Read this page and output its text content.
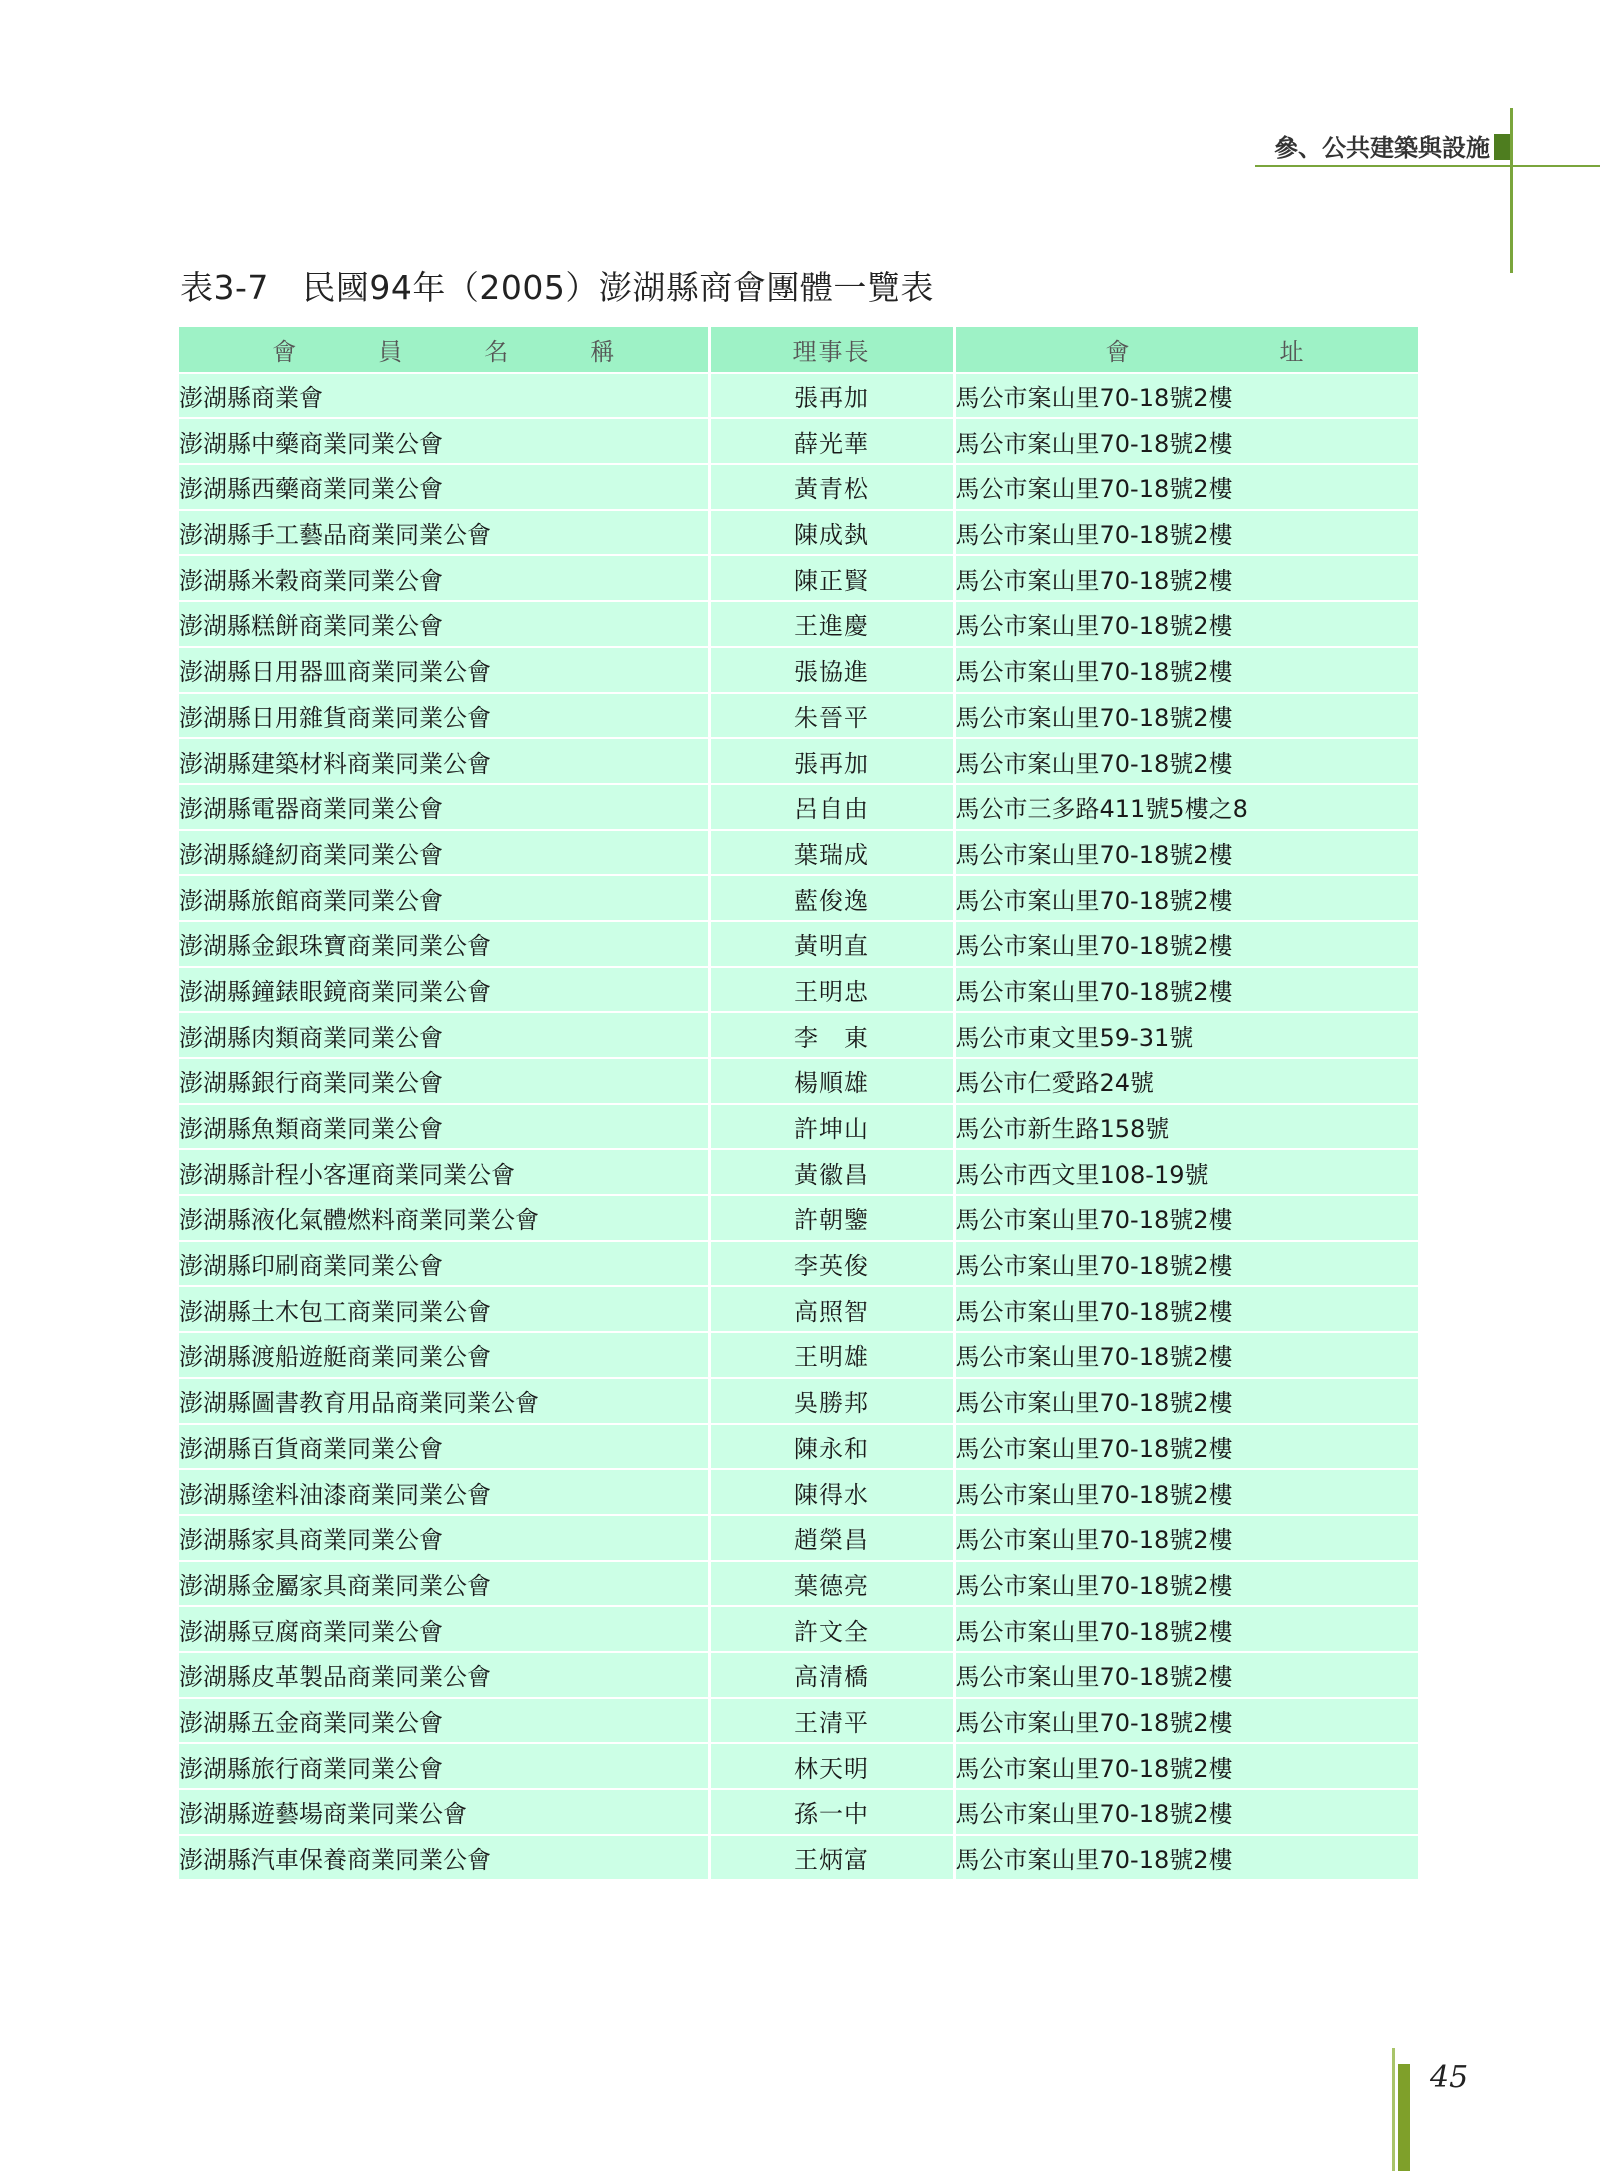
參、公共建築與設施
表3-7　民國94年（2005）澎湖縣商會團體一覽表
會員名稱	理事長	會址
澎湖縣商業會	張再加	馬公市案山里70-18號2樓
澎湖縣中藥商業同業公會	薛光華	馬公市案山里70-18號2樓
澎湖縣西藥商業同業公會	黃青松	馬公市案山里70-18號2樓
澎湖縣手工藝品商業同業公會	陳成埶	馬公市案山里70-18號2樓
澎湖縣米穀商業同業公會	陳正賢	馬公市案山里70-18號2樓
澎湖縣糕餅商業同業公會	王進慶	馬公市案山里70-18號2樓
澎湖縣日用器皿商業同業公會	張協進	馬公市案山里70-18號2樓
澎湖縣日用雜貨商業同業公會	朱晉平	馬公市案山里70-18號2樓
澎湖縣建築材料商業同業公會	張再加	馬公市案山里70-18號2樓
澎湖縣電器商業同業公會	呂自由	馬公市三多路411號5樓之8
澎湖縣縫紉商業同業公會	葉瑞成	馬公市案山里70-18號2樓
澎湖縣旅館商業同業公會	藍俊逸	馬公市案山里70-18號2樓
澎湖縣金銀珠寶商業同業公會	黃明直	馬公市案山里70-18號2樓
澎湖縣鐘錶眼鏡商業同業公會	王明忠	馬公市案山里70-18號2樓
澎湖縣肉類商業同業公會	李　東	馬公市東文里59-31號
澎湖縣銀行商業同業公會	楊順雄	馬公市仁愛路24號
澎湖縣魚類商業同業公會	許坤山	馬公市新生路158號
澎湖縣計程小客運商業同業公會	黃徽昌	馬公市西文里108-19號
澎湖縣液化氣體燃料商業同業公會	許朝鑒	馬公市案山里70-18號2樓
澎湖縣印刷商業同業公會	李英俊	馬公市案山里70-18號2樓
澎湖縣土木包工商業同業公會	高照智	馬公市案山里70-18號2樓
澎湖縣渡船遊艇商業同業公會	王明雄	馬公市案山里70-18號2樓
澎湖縣圖書教育用品商業同業公會	吳勝邦	馬公市案山里70-18號2樓
澎湖縣百貨商業同業公會	陳永和	馬公市案山里70-18號2樓
澎湖縣塗料油漆商業同業公會	陳得水	馬公市案山里70-18號2樓
澎湖縣家具商業同業公會	趙榮昌	馬公市案山里70-18號2樓
澎湖縣金屬家具商業同業公會	葉德亮	馬公市案山里70-18號2樓
澎湖縣豆腐商業同業公會	許文全	馬公市案山里70-18號2樓
澎湖縣皮革製品商業同業公會	高清橋	馬公市案山里70-18號2樓
澎湖縣五金商業同業公會	王清平	馬公市案山里70-18號2樓
澎湖縣旅行商業同業公會	林天明	馬公市案山里70-18號2樓
澎湖縣遊藝場商業同業公會	孫一中	馬公市案山里70-18號2樓
澎湖縣汽車保養商業同業公會	王炳富	馬公市案山里70-18號2樓
45
